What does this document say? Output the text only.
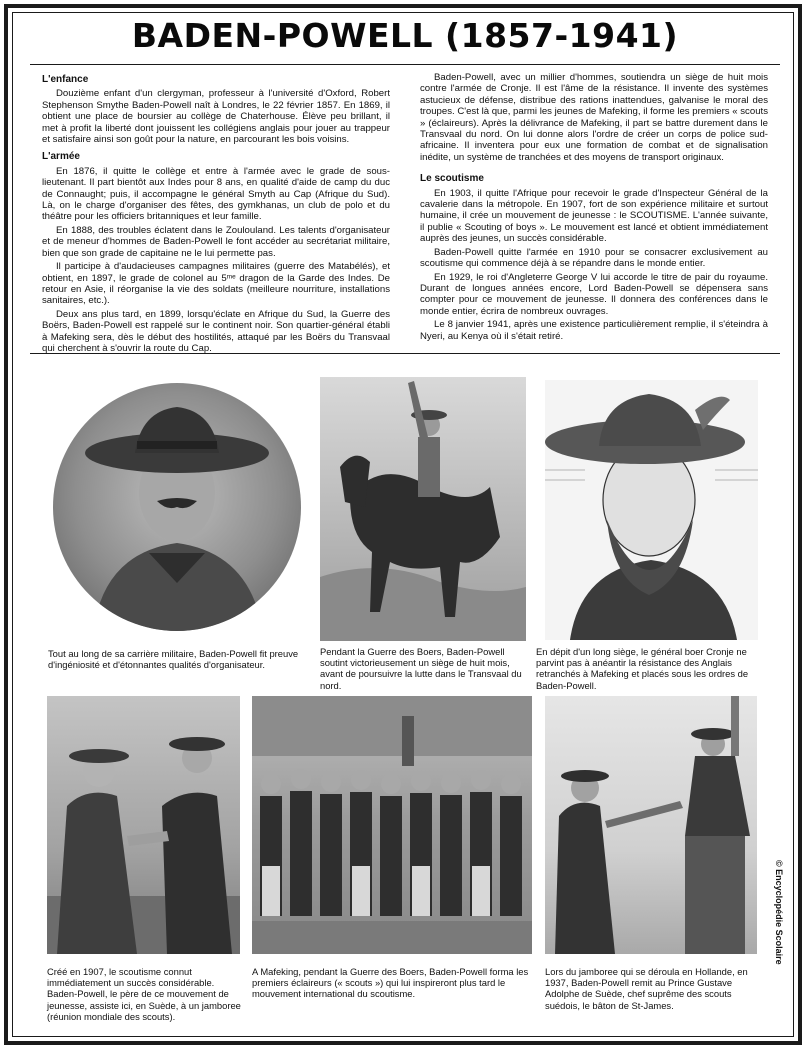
BADEN-POWELL (1857-1941)
L'enfance

Douzième enfant d'un clergyman, professeur à l'université d'Oxford, Robert Stephenson Smythe Baden-Powell naît à Londres, le 22 février 1857. En 1869, il obtient une place de boursier au collège de Chaterhouse. Élève peu brillant, il met à profit la liberté dont jouissent les collégiens anglais pour jouer au trappeur et satisfaire ainsi son goût pour la nature, en parcourant les bois voisins.

L'armée

En 1876, il quitte le collège et entre à l'armée avec le grade de sous-lieutenant. Il part bientôt aux Indes pour 8 ans, en qualité d'aide de camp du duc de Connaught; puis, il accompagne le général Smyth au Cap (Afrique du Sud). Là, on le charge d'organiser des fêtes, des gymkhanas, un club de polo et du théâtre pour les officiers britanniques et leur famille.

En 1888, des troubles éclatent dans le Zoulouland. Les talents d'organisateur et de meneur d'hommes de Baden-Powell le font accéder au secrétariat militaire, bien que son grade de capitaine ne le lui permette pas.

Il participe à d'audacieuses campagnes militaires (guerre des Matabélés), et obtient, en 1897, le grade de colonel au 5ᵐᵉ dragon de la Garde des Indes. De retour en Asie, il réorganise la vie des soldats (meilleure nourriture, installations sanitaires, etc.).

Deux ans plus tard, en 1899, lorsqu'éclate en Afrique du Sud, la Guerre des Boërs, Baden-Powell est rappelé sur le continent noir. Son quartier-général établi à Mafeking sera, dès le début des hostilités, attaqué par les Boërs du Transvaal qui cherchent à s'ouvrir la route du Cap.

Baden-Powell, avec un millier d'hommes, soutiendra un siège de huit mois contre l'armée de Cronje. Il est l'âme de la résistance. Il invente des systèmes astucieux de défense, distribue des rations inattendues, galvanise le moral des troupes. C'est là que, parmi les jeunes de Mafeking, il forme les premiers « scouts » (éclaireurs). Après la délivrance de Mafeking, il part se battre durement dans le Transvaal du nord. On lui donne alors l'ordre de créer un corps de police sud-africaine. Il inventera pour eux une formation de combat et de signalisation inédite, un système de tranchées et des moyens de transport originaux.

Le scoutisme

En 1903, il quitte l'Afrique pour recevoir le grade d'Inspecteur Général de la cavalerie dans la métropole. En 1907, fort de son expérience militaire et surtout humaine, il crée un mouvement de jeunesse : le SCOUTISME. L'année suivante, il publie « Scouting of boys ». Le mouvement est lancé et obtient immédiatement auprès des jeunes, un succès considérable.

Baden-Powell quitte l'armée en 1910 pour se consacrer exclusivement au scoutisme qui commence déjà à se répandre dans le monde entier.

En 1929, le roi d'Angleterre George V lui accorde le titre de pair du royaume. Durant de longues années encore, Lord Baden-Powell se dépensera sans compter pour ce mouvement de jeunesse. Il donnera des conférences dans le monde entier, écrira de nombreux ouvrages.

Le 8 janvier 1941, après une existence particulièrement remplie, il s'éteindra à Nyeri, au Kenya où il s'était retiré.

Tout au long de sa carrière militaire, Baden-Powell fit preuve d'ingéniosité et d'étonnantes qualités d'organisateur.
Pendant la Guerre des Boers, Baden-Powell soutint victorieusement un siège de huit mois, avant de poursuivre la lutte dans le Transvaal du nord.
En dépit d'un long siège, le général boer Cronje ne parvint pas à anéantir la résistance des Anglais retranchés à Mafeking et placés sous les ordres de Baden-Powell.
Créé en 1907, le scoutisme connut immédiatement un succès considérable. Baden-Powell, le père de ce mouvement de jeunesse, assiste ici, en Suède, à un jamboree (réunion mondiale des scouts).
A Mafeking, pendant la Guerre des Boers, Baden-Powell forma les premiers éclaireurs (« scouts ») qui lui inspireront plus tard le mouvement international du scoutisme.
Lors du jamboree qui se déroula en Hollande, en 1937, Baden-Powell remit au Prince Gustave Adolphe de Suède, chef suprême des scouts suédois, le bâton de St-James.
© Encyclopédie Scolaire
